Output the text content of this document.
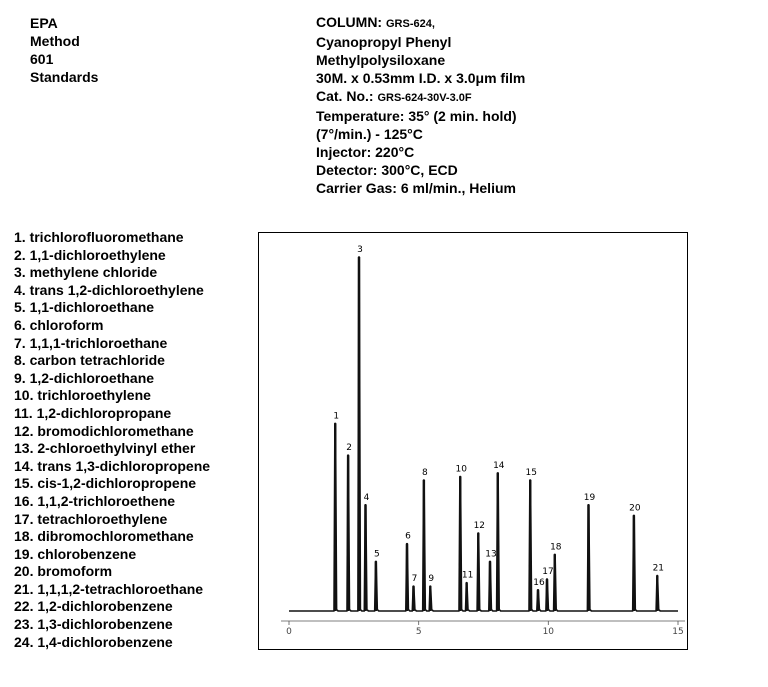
EPA
Method
601
Standards
COLUMN: GRS-624,
Cyanopropyl Phenyl
Methylpolysiloxane
30M. x 0.53mm I.D. x 3.0μm film
Cat. No.: GRS-624-30V-3.0F
Temperature: 35° (2 min. hold)
(7°/min.) - 125°C
Injector: 220°C
Detector: 300°C, ECD
Carrier Gas: 6 ml/min., Helium
1. trichlorofluoromethane
2. 1,1-dichloroethylene
3. methylene chloride
4. trans 1,2-dichloroethylene
5. 1,1-dichloroethane
6. chloroform
7. 1,1,1-trichloroethane
8. carbon tetrachloride
9. 1,2-dichloroethane
10. trichloroethylene
11. 1,2-dichloropropane
12. bromodichloromethane
13. 2-chloroethylvinyl ether
14. trans 1,3-dichloropropene
15. cis-1,2-dichloropropene
16. 1,1,2-trichloroethene
17. tetrachloroethylene
18. dibromochloromethane
19. chlorobenzene
20. bromoform
21. 1,1,1,2-tetrachloroethane
22. 1,2-dichlorobenzene
23. 1,3-dichlorobenzene
24. 1,4-dichlorobenzene
1
2
3
4
5
6
7
8
9
10
11
12
13
14
15
16
17
18
19
20
21
0	5	10	15
